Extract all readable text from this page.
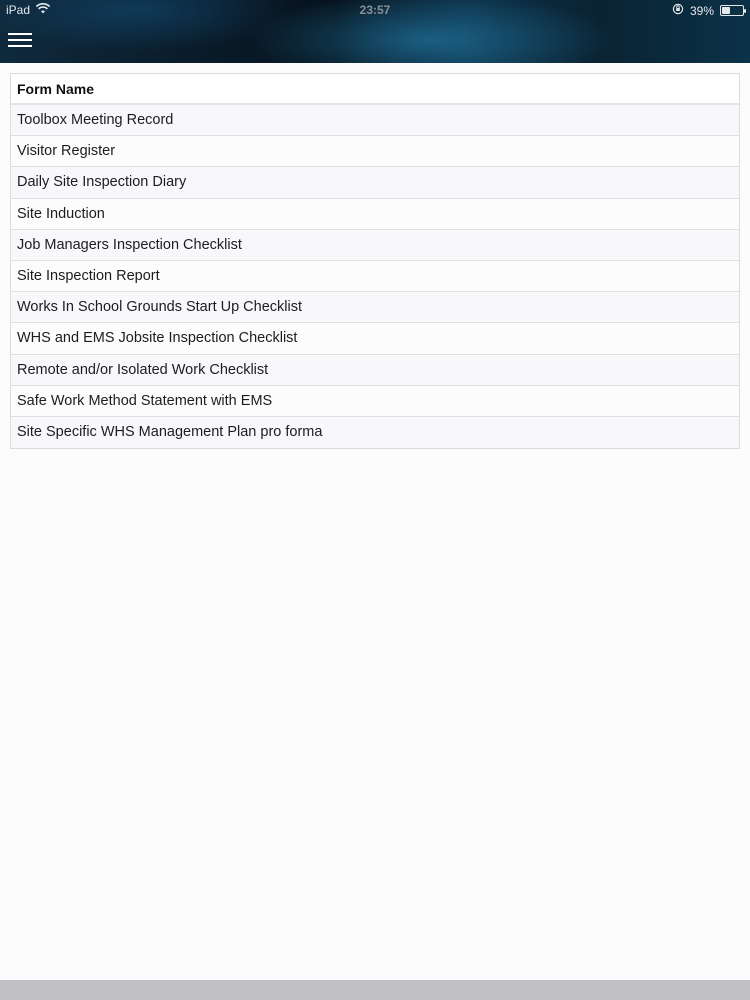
iPad	23:57	39%
Form Name
Toolbox Meeting Record
Visitor Register
Daily Site Inspection Diary
Site Induction
Job Managers Inspection Checklist
Site Inspection Report
Works In School Grounds Start Up Checklist
WHS and EMS Jobsite Inspection Checklist
Remote and/or Isolated Work Checklist
Safe Work Method Statement with EMS
Site Specific WHS Management Plan pro forma
